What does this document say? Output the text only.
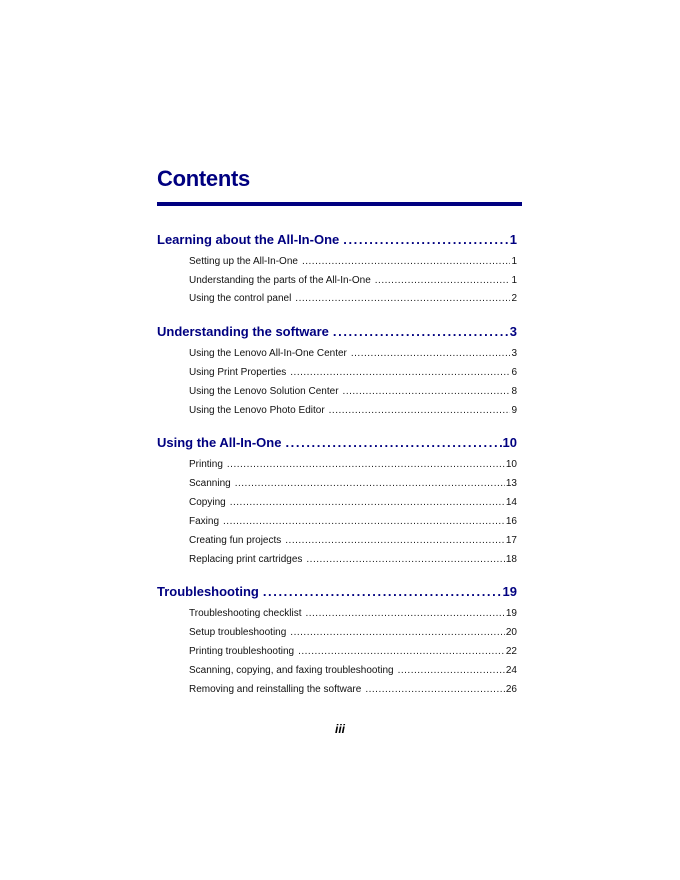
Contents
Learning about the All-In-One .....	1
Setting up the All-In-One .....	1
Understanding the parts of the All-In-One .....	1
Using the control panel .....	2
Understanding the software .....	3
Using the Lenovo All-In-One Center .....	3
Using Print Properties .....	6
Using the Lenovo Solution Center .....	8
Using the Lenovo Photo Editor .....	9
Using the All-In-One .....	10
Printing .....	10
Scanning .....	13
Copying .....	14
Faxing .....	16
Creating fun projects .....	17
Replacing print cartridges .....	18
Troubleshooting .....	19
Troubleshooting checklist .....	19
Setup troubleshooting .....	20
Printing troubleshooting .....	22
Scanning, copying, and faxing troubleshooting .....	24
Removing and reinstalling the software .....	26
iii
